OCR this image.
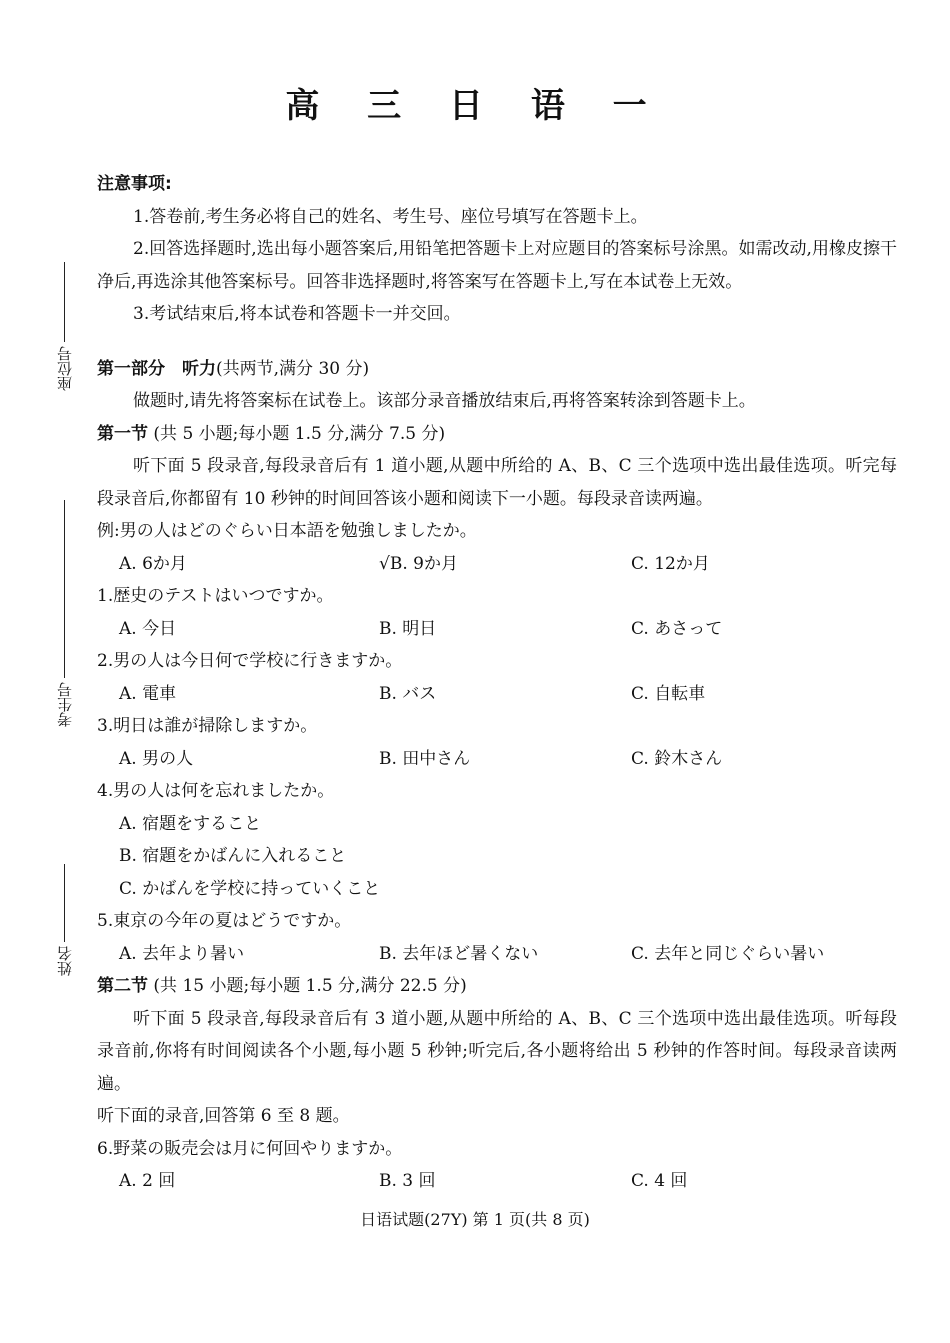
高 三 日 语 一
座位号
考生号
姓名
注意事项:
1.答卷前,考生务必将自己的姓名、考生号、座位号填写在答题卡上。
2.回答选择题时,选出每小题答案后,用铅笔把答题卡上对应题目的答案标号涂黑。如需改动,用橡皮擦干净后,再选涂其他答案标号。回答非选择题时,将答案写在答题卡上,写在本试卷上无效。
3.考试结束后,将本试卷和答题卡一并交回。
第一部分　听力(共两节,满分 30 分)
做题时,请先将答案标在试卷上。该部分录音播放结束后,再将答案转涂到答题卡上。
第一节 (共 5 小题;每小题 1.5 分,满分 7.5 分)
听下面 5 段录音,每段录音后有 1 道小题,从题中所给的 A、B、C 三个选项中选出最佳选项。听完每段录音后,你都留有 10 秒钟的时间回答该小题和阅读下一小题。每段录音读两遍。
例:男の人はどのぐらい日本語を勉強しましたか。
A. 6か月	√B. 9か月	C. 12か月
1.歴史のテストはいつですか。
A. 今日	B. 明日	C. あさって
2.男の人は今日何で学校に行きますか。
A. 電車	B. バス	C. 自転車
3.明日は誰が掃除しますか。
A. 男の人	B. 田中さん	C. 鈴木さん
4.男の人は何を忘れましたか。
A. 宿題をすること
B. 宿題をかばんに入れること
C. かばんを学校に持っていくこと
5.東京の今年の夏はどうですか。
A. 去年より暑い	B. 去年ほど暑くない	C. 去年と同じぐらい暑い
第二节 (共 15 小题;每小题 1.5 分,满分 22.5 分)
听下面 5 段录音,每段录音后有 3 道小题,从题中所给的 A、B、C 三个选项中选出最佳选项。听每段录音前,你将有时间阅读各个小题,每小题 5 秒钟;听完后,各小题将给出 5 秒钟的作答时间。每段录音读两遍。
听下面的录音,回答第 6 至 8 题。
6.野菜の販売会は月に何回やりますか。
A. 2 回	B. 3 回	C. 4 回
日语试题(27Y) 第 1 页(共 8 页)
